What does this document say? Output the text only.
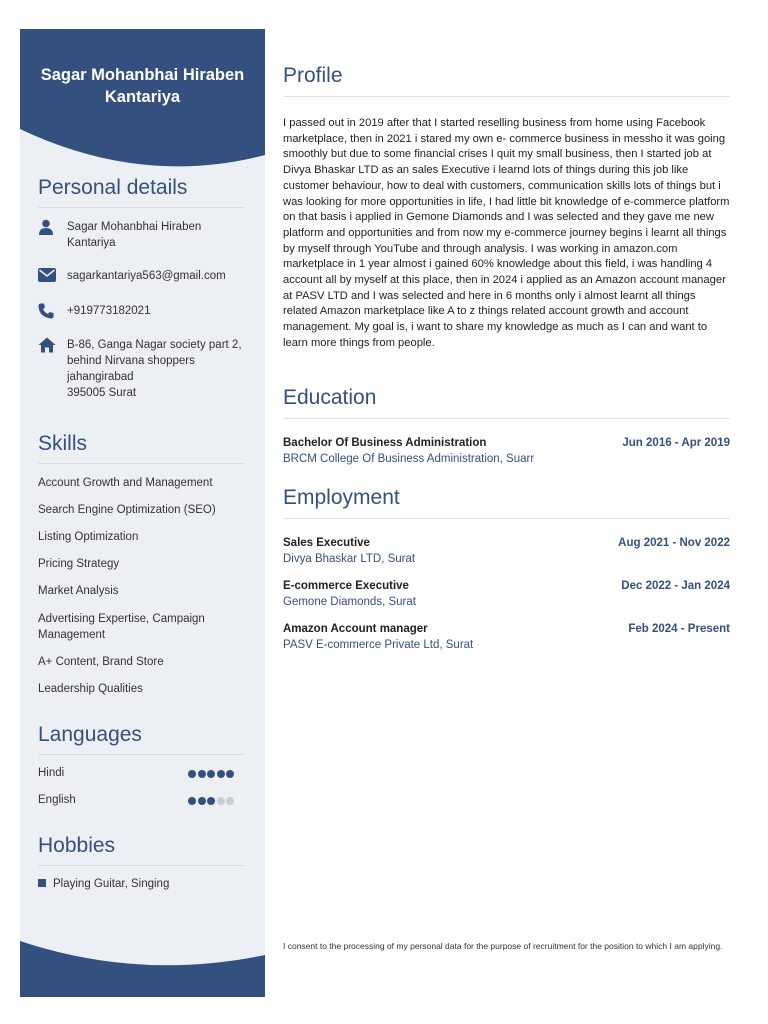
Sagar Mohanbhai Hiraben Kantariya
Personal details
Sagar Mohanbhai Hiraben Kantariya
sagarkantariya563@gmail.com
+919773182021
B-86, Ganga Nagar society part 2, behind Nirvana shoppers jahangirabad
395005 Surat
Skills
Account Growth and Management
Search Engine Optimization (SEO)
Listing Optimization
Pricing Strategy
Market Analysis
Advertising Expertise, Campaign Management
A+ Content, Brand Store
Leadership Qualities
Languages
Hindi
English
Hobbies
Playing Guitar, Singing
Profile
I passed out in 2019 after that I started reselling business from home using Facebook marketplace, then in 2021 i stared my own e- commerce business in messho it was going smoothly but due to some financial crises I quit my small business, then I started job at Divya Bhaskar LTD as an sales Executive i learnd lots of things during this job like customer behaviour, how to deal with customers, communication skills lots of things but i was looking for more opportunities in life, I had little bit knowledge of e-commerce platform on that basis i applied in Gemone Diamonds and I was selected and they gave me new platform and opportunities and from now my e-commerce journey begins i learnt all things by myself through YouTube and through analysis. I was working in amazon.com marketplace in 1 year almost i gained 60% knowledge about this field, i was handling 4 account all by myself at this place, then in 2024 i applied as an Amazon account manager at PASV LTD and I was selected and here in 6 months only i almost learnt all things related Amazon marketplace like A to z things related account growth and account management. My goal is, i want to share my knowledge as much as I can and want to learn more things from people.
Education
Bachelor Of Business Administration	Jun 2016 - Apr 2019
BRCM College Of Business Administration, Suarr
Employment
Sales Executive	Aug 2021 - Nov 2022
Divya Bhaskar LTD, Surat
E-commerce Executive	Dec 2022 - Jan 2024
Gemone Diamonds, Surat
Amazon Account manager	Feb 2024 - Present
PASV E-commerce Private Ltd, Surat
I consent to the processing of my personal data for the purpose of recruitment for the position to which I am applying.
